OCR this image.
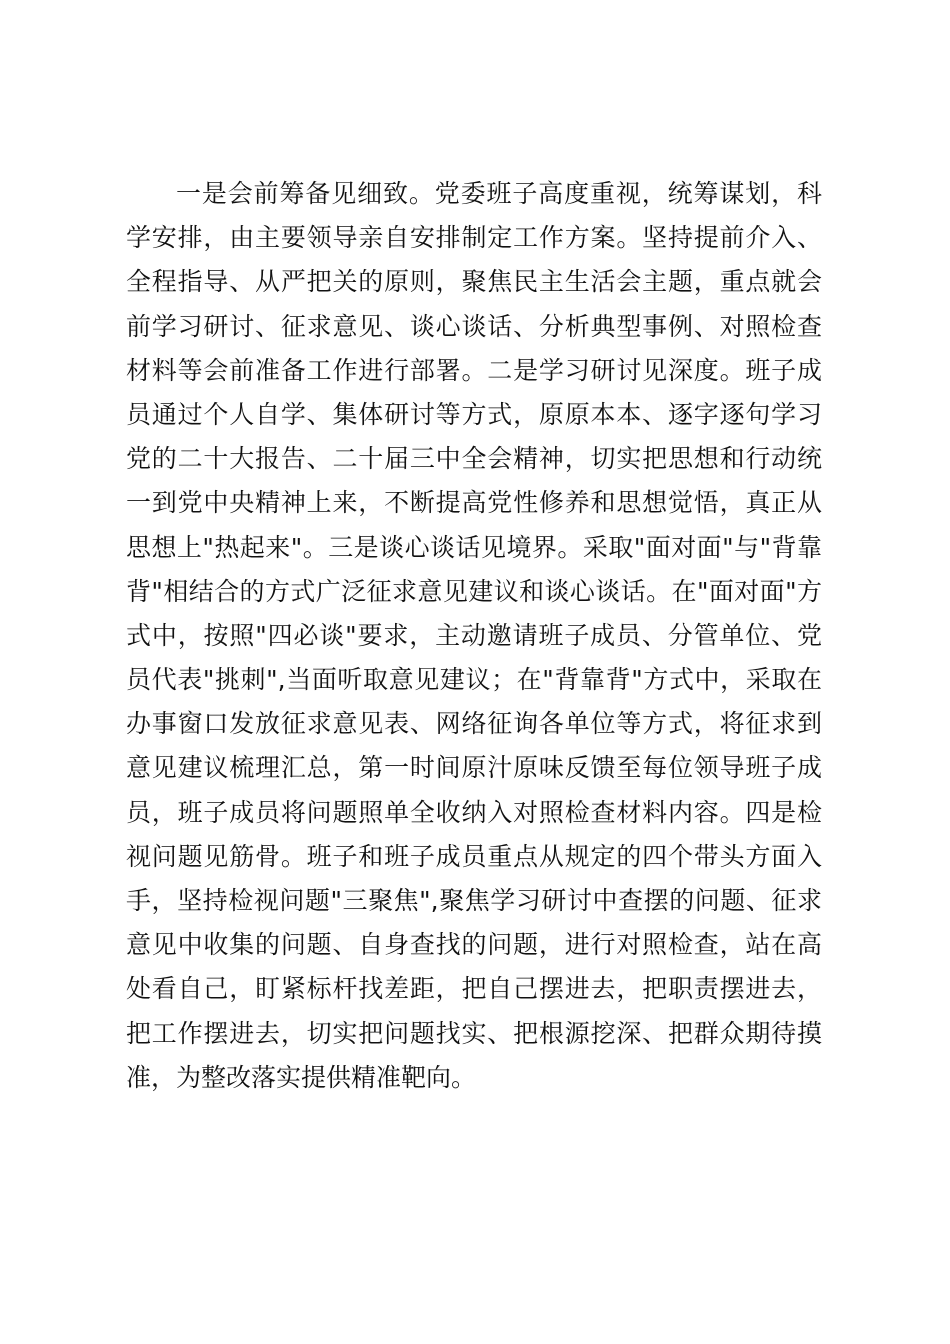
一是会前筹备见细致。党委班子高度重视，统筹谋划，科
学安排，由主要领导亲自安排制定工作方案。坚持提前介入、
全程指导、从严把关的原则，聚焦民主生活会主题，重点就会
前学习研讨、征求意见、谈心谈话、分析典型事例、对照检查
材料等会前准备工作进行部署。二是学习研讨见深度。班子成
员通过个人自学、集体研讨等方式，原原本本、逐字逐句学习
党的二十大报告、二十届三中全会精神，切实把思想和行动统
一到党中央精神上来，不断提高党性修养和思想觉悟，真正从
思想上"热起来"。三是谈心谈话见境界。采取"面对面"与"背靠
背"相结合的方式广泛征求意见建议和谈心谈话。在"面对面"方
式中，按照"四必谈"要求，主动邀请班子成员、分管单位、党
员代表"挑刺",当面听取意见建议；在"背靠背"方式中，采取在
办事窗口发放征求意见表、网络征询各单位等方式，将征求到
意见建议梳理汇总，第一时间原汁原味反馈至每位领导班子成
员，班子成员将问题照单全收纳入对照检查材料内容。四是检
视问题见筋骨。班子和班子成员重点从规定的四个带头方面入
手，坚持检视问题"三聚焦",聚焦学习研讨中查摆的问题、征求
意见中收集的问题、自身查找的问题，进行对照检查，站在高
处看自己，盯紧标杆找差距，把自己摆进去，把职责摆进去，
把工作摆进去，切实把问题找实、把根源挖深、把群众期待摸
准，为整改落实提供精准靶向。
